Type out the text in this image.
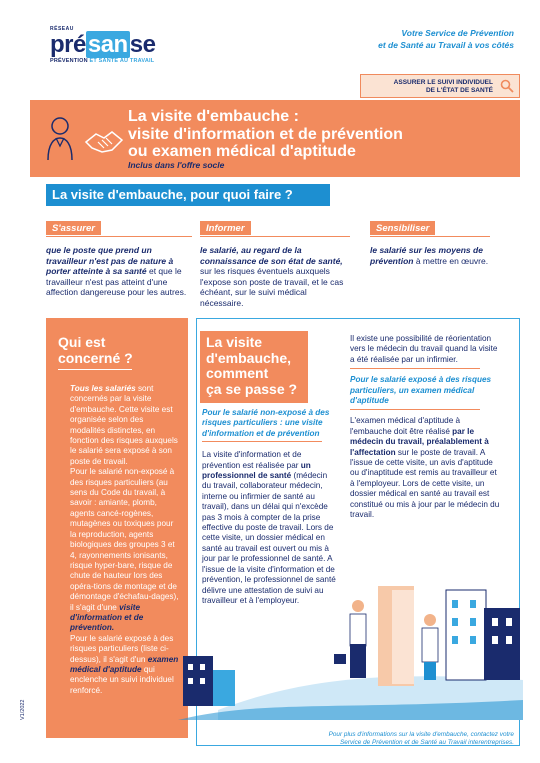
RÉSEAU
présanse
PRÉVENTION ET SANTÉ AU TRAVAIL
Votre Service de Prévention
et de Santé au Travail à vos côtés
ASSURER LE SUIVI INDIVIDUEL
DE L'ÉTAT DE SANTÉ
La visite d'embauche :
visite d'information et de prévention
ou examen médical d'aptitude
Inclus dans l'offre socle
La visite d'embauche, pour quoi faire ?
S'assurer

que le poste que prend un travailleur n'est pas de nature à porter atteinte à sa santé et que le travailleur n'est pas atteint d'une affection dangereuse pour les autres.

Informer

le salarié, au regard de la connaissance de son état de santé, sur les risques éventuels auxquels l'expose son poste de travail, et le cas échéant, sur le suivi médical nécessaire.

Sensibiliser

le salarié sur les moyens de prévention à mettre en œuvre.

Qui est
concerné ?

Tous les salariés sont concernés par la visite d'embauche. Cette visite est organisée selon des modalités distinctes, en fonction des risques auxquels le salarié sera exposé à son poste de travail.

Pour le salarié non-exposé à des risques particuliers (au sens du Code du travail, à savoir : amiante, plomb, agents cancé-rogènes, mutagènes ou toxiques pour la reproduction, agents biologiques des groupes 3 et 4, rayonnements ionisants, risque hyper-bare, risque de chute de hauteur lors des opéra-tions de montage et de démontage d'échafau-dages), il s'agit d'une visite d'information et de prévention.

Pour le salarié exposé à des risques particuliers (liste ci-dessus), il s'agit d'un examen médical d'aptitude qui enclenche un suivi individuel renforcé.

La visite
d'embauche,
comment
ça se passe ?
Pour le salarié non-exposé à des risques particuliers : une visite d'information et de prévention
La visite d'information et de prévention est réalisée par un professionnel de santé (médecin du travail, collaborateur médecin, interne ou infirmier de santé au travail), dans un délai qui n'excède pas 3 mois à compter de la prise effective du poste de travail. Lors de cette visite, un dossier médical en santé au travail est ouvert ou mis à jour par le professionnel de santé. A l'issue de la visite d'information et de prévention, le professionnel de santé délivre une attestation de suivi au travailleur et à l'employeur.
Il existe une possibilité de réorientation vers le médecin du travail quand la visite a été réalisée par un infirmier.
Pour le salarié exposé à des risques particuliers, un examen médical d'aptitude
L'examen médical d'aptitude à l'embauche doit être réalisé par le médecin du travail, préalablement à l'affectation sur le poste de travail. A l'issue de cette visite, un avis d'aptitude ou d'inaptitude est remis au travailleur et à l'employeur. Lors de cette visite, un dossier médical en santé au travail est constitué ou mis à jour par le médecin du travail.
Pour plus d'informations sur la visite d'embauche, contactez votre
Service de Prévention et de Santé au Travail interentreprises.
V1/2022
